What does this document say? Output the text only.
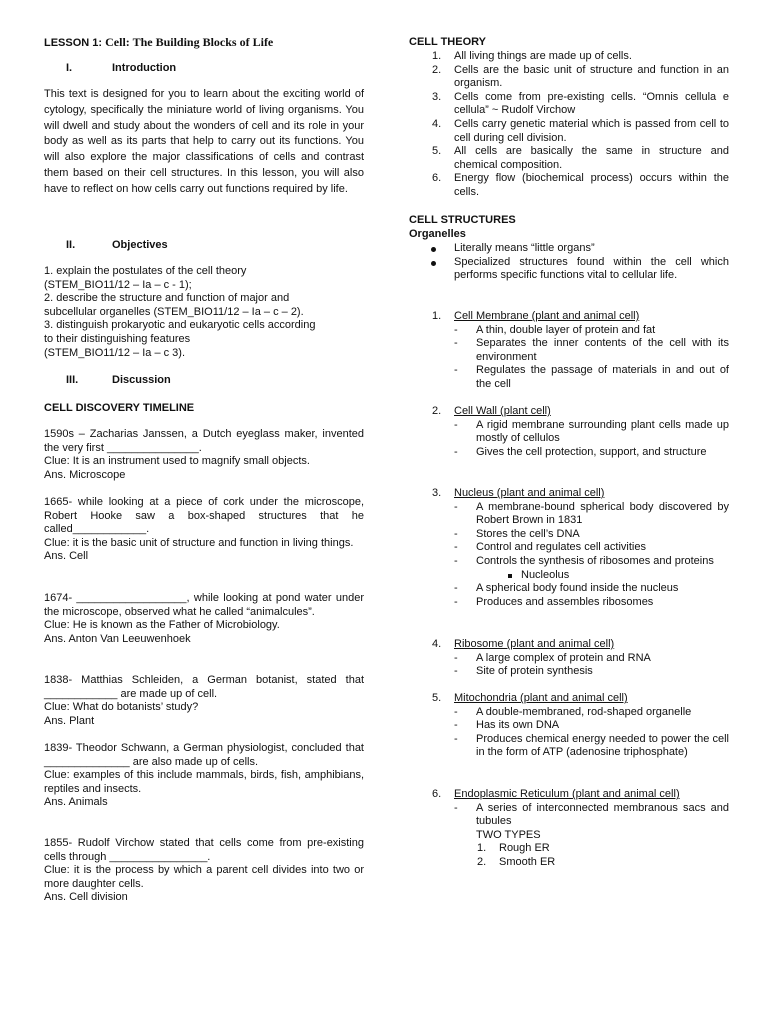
LESSON 1: Cell: The Building Blocks of Life
I.	Introduction
This text is designed for you to learn about the exciting world of cytology, specifically the miniature world of living organisms. You will dwell and study about the wonders of cell and its role in your body as well as its parts that help to carry out its functions. You will also explore the major classifications of cells and contrast them based on their cell structures. In this lesson, you will also have to reflect on how cells carry out functions required by life.
II.	Objectives
1. explain the postulates of the cell theory
(STEM_BIO11/12 – Ia – c - 1);
2. describe the structure and function of major and
subcellular organelles (STEM_BIO11/12 – Ia – c – 2).
3. distinguish prokaryotic and eukaryotic cells according
to their distinguishing features
(STEM_BIO11/12 – Ia – c 3).
III.	Discussion
CELL DISCOVERY TIMELINE
1590s – Zacharias Janssen, a Dutch eyeglass maker, invented the very first _______________.
Clue: It is an instrument used to magnify small objects.
Ans. Microscope
1665- while looking at a piece of cork under the microscope, Robert Hooke saw a box-shaped structures that he called____________.
Clue: it is the basic unit of structure and function in living things.
Ans. Cell
1674- __________________, while looking at pond water under the microscope, observed what he called “animalcules”.
Clue: He is known as the Father of Microbiology.
Ans. Anton Van Leeuwenhoek
1838- Matthias Schleiden, a German botanist, stated that ____________ are made up of cell.
Clue: What do botanists’ study?
Ans. Plant
1839- Theodor Schwann, a German physiologist, concluded that ______________ are also made up of cells.
Clue: examples of this include mammals, birds, fish, amphibians, reptiles and insects.
Ans. Animals
1855- Rudolf Virchow stated that cells come from pre-existing cells through ________________.
Clue: it is the process by which a parent cell divides into two or more daughter cells.
Ans. Cell division
CELL THEORY
1. All living things are made up of cells.
2. Cells are the basic unit of structure and function in an organism.
3. Cells come from pre-existing cells. “Omnis cellula e cellula” ~ Rudolf Virchow
4. Cells carry genetic material which is passed from cell to cell during cell division.
5. All cells are basically the same in structure and chemical composition.
6. Energy flow (biochemical process) occurs within the cells.
CELL STRUCTURES
Organelles
Literally means “little organs”
Specialized structures found within the cell which performs specific functions vital to cellular life.
1. Cell Membrane (plant and animal cell)
- A thin, double layer of protein and fat
- Separates the inner contents of the cell with its environment
- Regulates the passage of materials in and out of the cell
2. Cell Wall (plant cell)
- A rigid membrane surrounding plant cells made up mostly of cellulos
- Gives the cell protection, support, and structure
3. Nucleus (plant and animal cell)
- A membrane-bound spherical body discovered by Robert Brown in 1831
- Stores the cell’s DNA
- Control and regulates cell activities
- Controls the synthesis of ribosomes and proteins
Nucleolus
- A spherical body found inside the nucleus
- Produces and assembles ribosomes
4. Ribosome (plant and animal cell)
- A large complex of protein and RNA
- Site of protein synthesis
5. Mitochondria (plant and animal cell)
- A double-membraned, rod-shaped organelle
- Has its own DNA
- Produces chemical energy needed to power the cell in the form of ATP (adenosine triphosphate)
6. Endoplasmic Reticulum (plant and animal cell)
- A series of interconnected membranous sacs and tubules
TWO TYPES
1. Rough ER
2. Smooth ER
